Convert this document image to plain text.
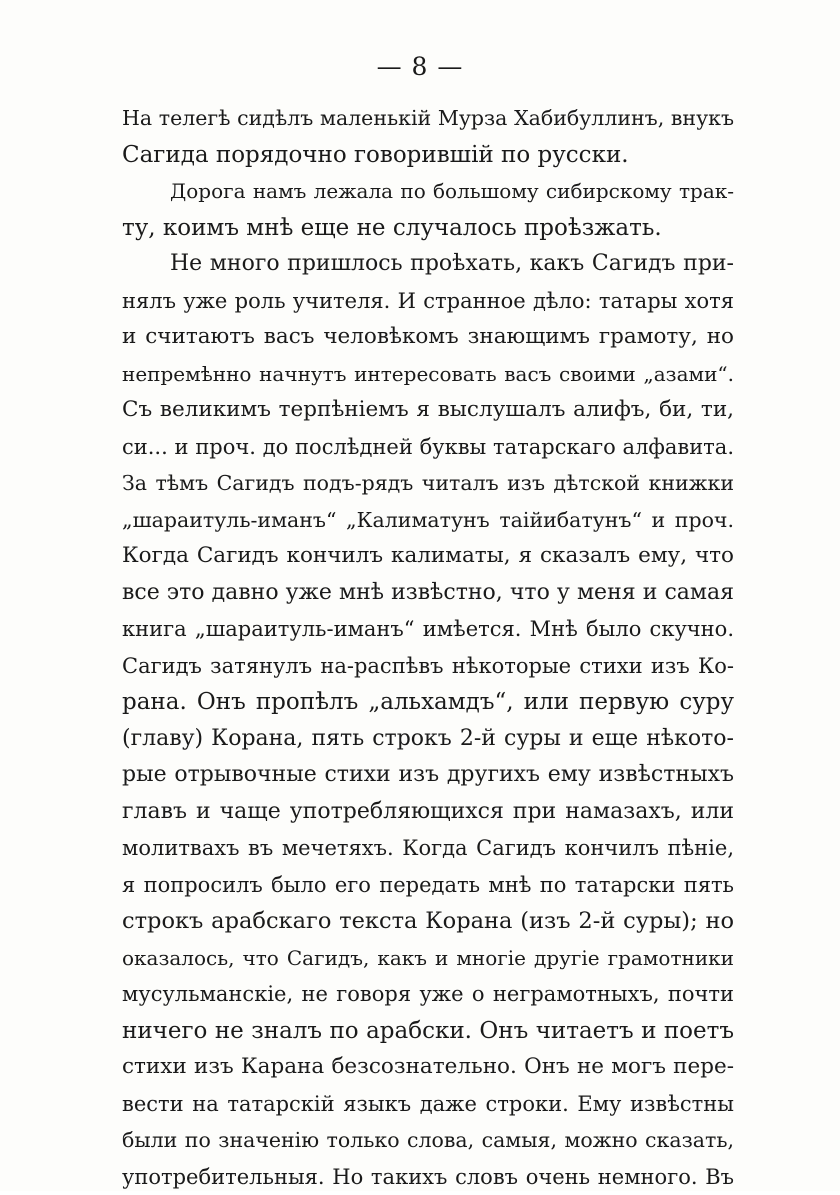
— 8 —
На телегѣ сидѣлъ маленькій Мурза Хабибуллинъ, внукъ
Сагида порядочно говорившій по русски.
Дорога намъ лежала по большому сибирскому трак-
ту, коимъ мнѣ еще не случалось проѣзжать.
Не много пришлось проѣхать, какъ Сагидъ при-
нялъ уже роль учителя. И странное дѣло: татары хотя
и считаютъ васъ человѣкомъ знающимъ грамоту, но
непремѣнно начнутъ интересовать васъ своими „азами“.
Съ великимъ терпѣніемъ я выслушалъ алифъ, би, ти,
си... и проч. до послѣдней буквы татарскаго алфавита.
За тѣмъ Сагидъ подъ-рядъ читалъ изъ дѣтской книжки
„шараитуль-иманъ“ „Калиматунъ таійибатунъ“ и проч.
Когда Сагидъ кончилъ калиматы, я сказалъ ему, что
все это давно уже мнѣ извѣстно, что у меня и самая
книга „шараитуль-иманъ“ имѣется. Мнѣ было скучно.
Сагидъ затянулъ на-распѣвъ нѣкоторые стихи изъ Ко-
рана. Онъ пропѣлъ „альхамдъ“, или первую суру
(главу) Корана, пять строкъ 2-й суры и еще нѣкото-
рые отрывочные стихи изъ другихъ ему извѣстныхъ
главъ и чаще употребляющихся при намазахъ, или
молитвахъ въ мечетяхъ. Когда Сагидъ кончилъ пѣніе,
я попросилъ было его передать мнѣ по татарски пять
строкъ арабскаго текста Корана (изъ 2-й суры); но
оказалось, что Сагидъ, какъ и многіе другіе грамотники
мусульманскіе, не говоря уже о неграмотныхъ, почти
ничего не зналъ по арабски. Онъ читаетъ и поетъ
стихи изъ Карана безсознательно. Онъ не могъ пере-
вести на татарскій языкъ даже строки. Ему извѣстны
были по значенію только слова, самыя, можно сказать,
употребительныя. Но такихъ словъ очень немного. Въ
